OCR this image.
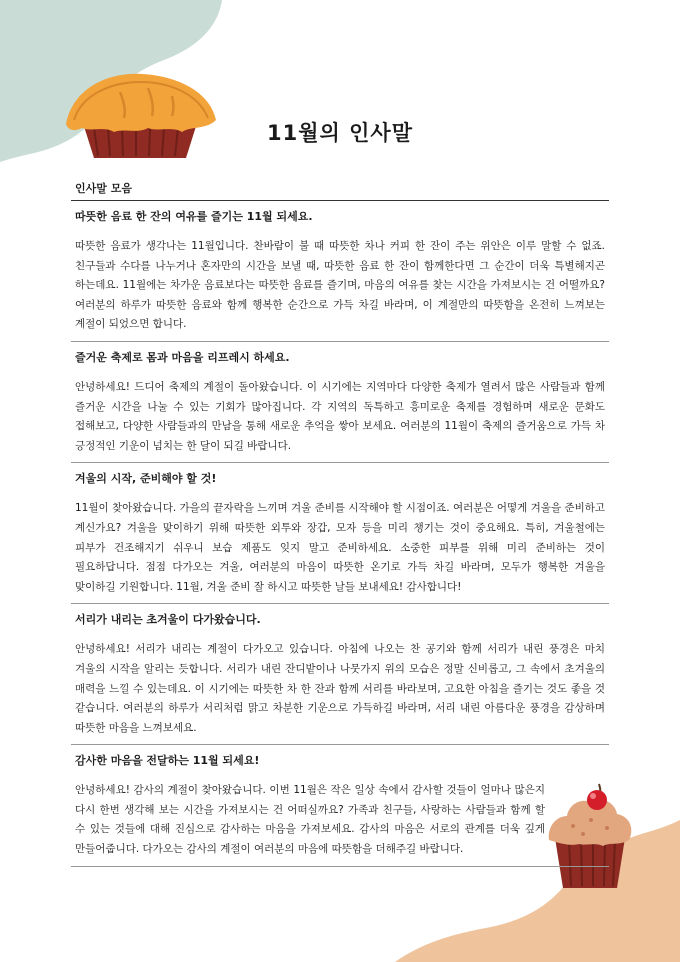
11월의 인사말
인사말 모음
따뜻한 음료 한 잔의 여유를 즐기는 11월 되세요.

따뜻한 음료가 생각나는 11월입니다. 찬바람이 불 때 따뜻한 차나 커피 한 잔이 주는 위안은 이루 말할 수 없죠. 친구들과 수다를 나누거나 혼자만의 시간을 보낼 때, 따뜻한 음료 한 잔이 함께한다면 그 순간이 더욱 특별해지곤 하는데요. 11월에는 차가운 음료보다는 따뜻한 음료를 즐기며, 마음의 여유를 찾는 시간을 가져보시는 건 어떨까요? 여러분의 하루가 따뜻한 음료와 함께 행복한 순간으로 가득 차길 바라며, 이 계절만의 따뜻함을 온전히 느껴보는 계절이 되었으면 합니다.

즐거운 축제로 몸과 마음을 리프레시 하세요.

안녕하세요! 드디어 축제의 계절이 돌아왔습니다. 이 시기에는 지역마다 다양한 축제가 열려서 많은 사람들과 함께 즐거운 시간을 나눌 수 있는 기회가 많아집니다. 각 지역의 독특하고 흥미로운 축제를 경험하며 새로운 문화도 접해보고, 다양한 사람들과의 만남을 통해 새로운 추억을 쌓아 보세요. 여러분의 11월이 축제의 즐거움으로 가득 차 긍정적인 기운이 넘치는 한 달이 되길 바랍니다.

겨울의 시작, 준비해야 할 것!

11월이 찾아왔습니다. 가을의 끝자락을 느끼며 겨울 준비를 시작해야 할 시점이죠. 여러분은 어떻게 겨울을 준비하고 계신가요? 겨울을 맞이하기 위해 따뜻한 외투와 장갑, 모자 등을 미리 챙기는 것이 중요해요. 특히, 겨울철에는 피부가 건조해지기 쉬우니 보습 제품도 잊지 말고 준비하세요. 소중한 피부를 위해 미리 준비하는 것이 필요하답니다. 점점 다가오는 겨울, 여러분의 마음이 따뜻한 온기로 가득 차길 바라며, 모두가 행복한 겨울을 맞이하길 기원합니다. 11월, 겨울 준비 잘 하시고 따뜻한 날들 보내세요! 감사합니다!

서리가 내리는 초겨울이 다가왔습니다.

안녕하세요! 서리가 내리는 계절이 다가오고 있습니다. 아침에 나오는 찬 공기와 함께 서리가 내린 풍경은 마치 겨울의 시작을 알리는 듯합니다. 서리가 내린 잔디밭이나 나뭇가지 위의 모습은 정말 신비롭고, 그 속에서 초겨울의 매력을 느낄 수 있는데요. 이 시기에는 따뜻한 차 한 잔과 함께 서리를 바라보며, 고요한 아침을 즐기는 것도 좋을 것 같습니다. 여러분의 하루가 서리처럼 맑고 차분한 기운으로 가득하길 바라며, 서리 내린 아름다운 풍경을 감상하며 따뜻한 마음을 느껴보세요.

감사한 마음을 전달하는 11월 되세요!

안녕하세요! 감사의 계절이 찾아왔습니다. 이번 11월은 작은 일상 속에서 감사할 것들이 얼마나 많은지 다시 한번 생각해 보는 시간을 가져보시는 건 어떠실까요? 가족과 친구들, 사랑하는 사람들과 함께 할 수 있는 것들에 대해 진심으로 감사하는 마음을 가져보세요. 감사의 마음은 서로의 관계를 더욱 깊게 만들어줍니다. 다가오는 감사의 계절이 여러분의 마음에 따뜻함을 더해주길 바랍니다.
